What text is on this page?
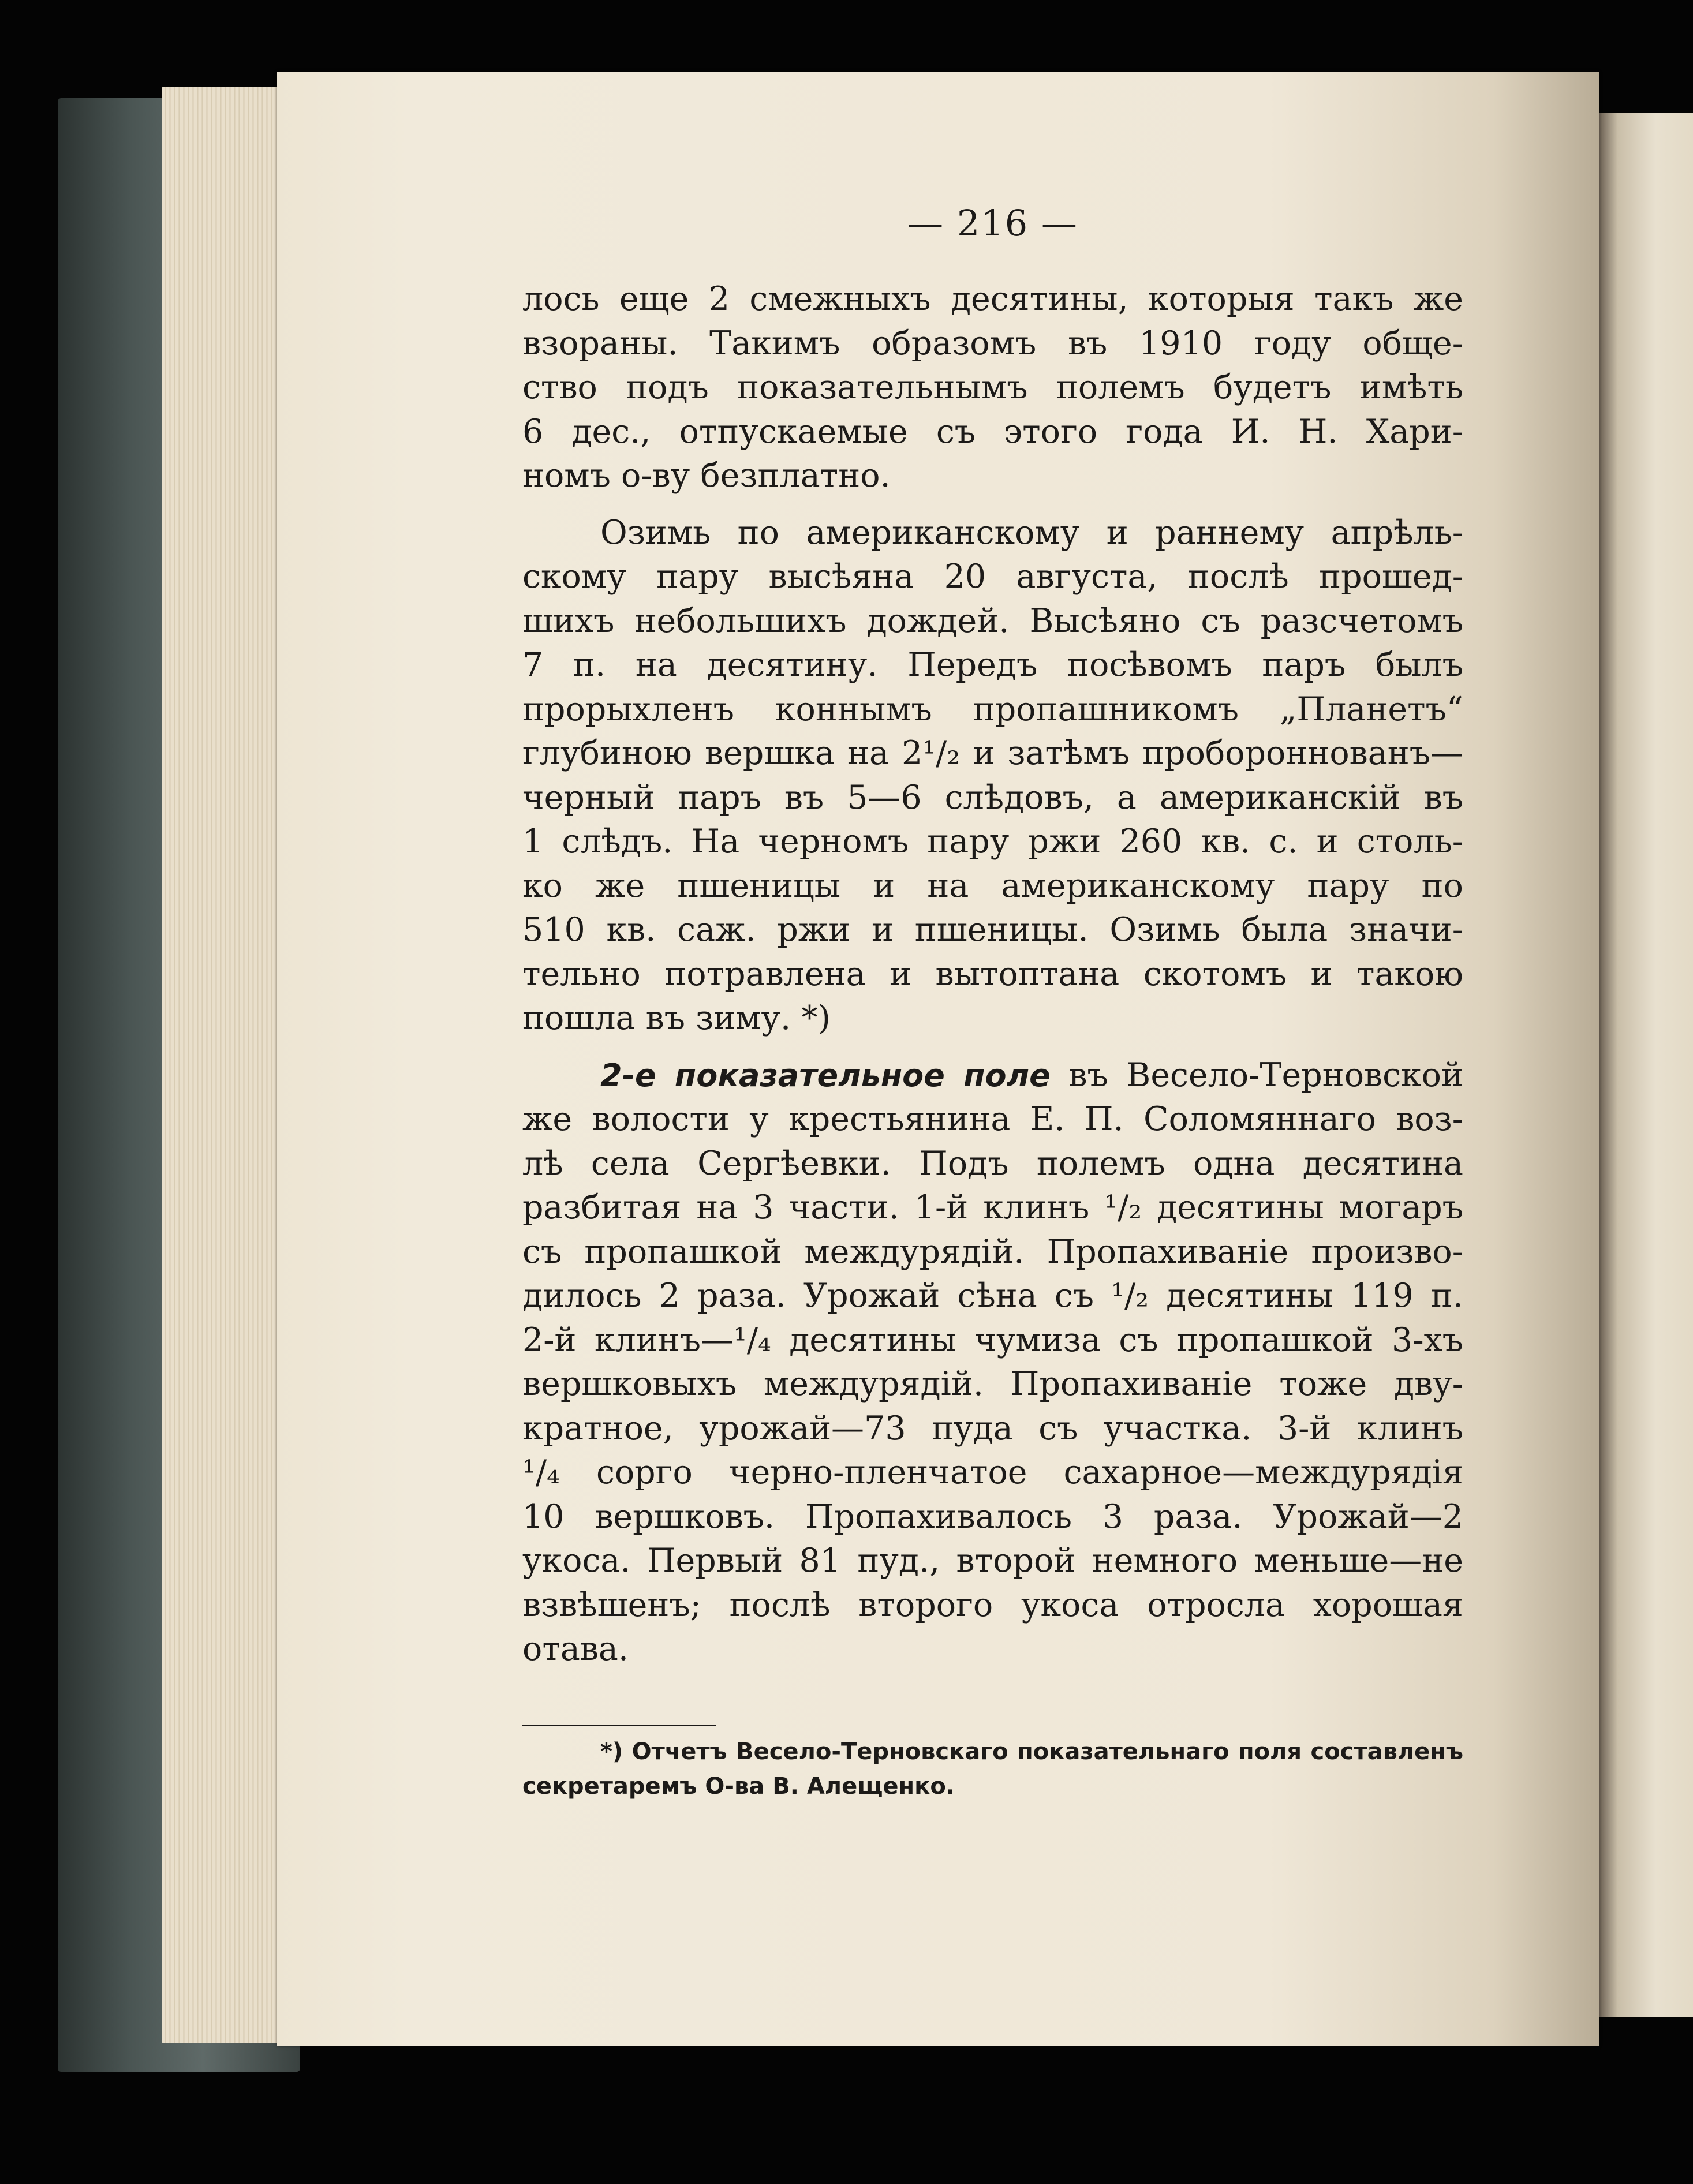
— 216 —
лось еще 2 смежныхъ десятины, которыя такъ же
взораны. Такимъ образомъ въ 1910 году обще-
ство подъ показательнымъ полемъ будетъ имѣть
6 дес., отпускаемые съ этого года И. Н. Хари-
номъ о-ву безплатно.
Озимь по американскому и раннему апрѣль-
скому пару высѣяна 20 августа, послѣ прошед-
шихъ небольшихъ дождей. Высѣяно съ разсчетомъ
7 п. на десятину. Передъ посѣвомъ паръ былъ
прорыхленъ коннымъ пропашникомъ „Планетъ“
глубиною вершка на 2¹/₂ и затѣмъ пробороннованъ—
черный паръ въ 5—6 слѣдовъ, а американскій въ
1 слѣдъ. На черномъ пару ржи 260 кв. с. и столь-
ко же пшеницы и на американскому пару по
510 кв. саж. ржи и пшеницы. Озимь была значи-
тельно потравлена и вытоптана скотомъ и такою
пошла въ зиму. *)
2-е показательное поле въ Весело-Терновской
же волости у крестьянина Е. П. Соломяннаго воз-
лѣ села Сергѣевки. Подъ полемъ одна десятина
разбитая на 3 части. 1-й клинъ ¹/₂ десятины могаръ
съ пропашкой междурядій. Пропахиваніе произво-
дилось 2 раза. Урожай сѣна съ ¹/₂ десятины 119 п.
2-й клинъ—¹/₄ десятины чумиза съ пропашкой 3-хъ
вершковыхъ междурядій. Пропахиваніе тоже дву-
кратное, урожай—73 пуда съ участка. 3-й клинъ
¹/₄ сорго черно-пленчатое сахарное—междурядія
10 вершковъ. Пропахивалось 3 раза. Урожай—2
укоса. Первый 81 пуд., второй немного меньше—не
взвѣшенъ; послѣ второго укоса отросла хорошая
отава.
*) Отчетъ Весело-Терновскаго показательнаго поля составленъ
секретаремъ О-ва В. Алещенко.
